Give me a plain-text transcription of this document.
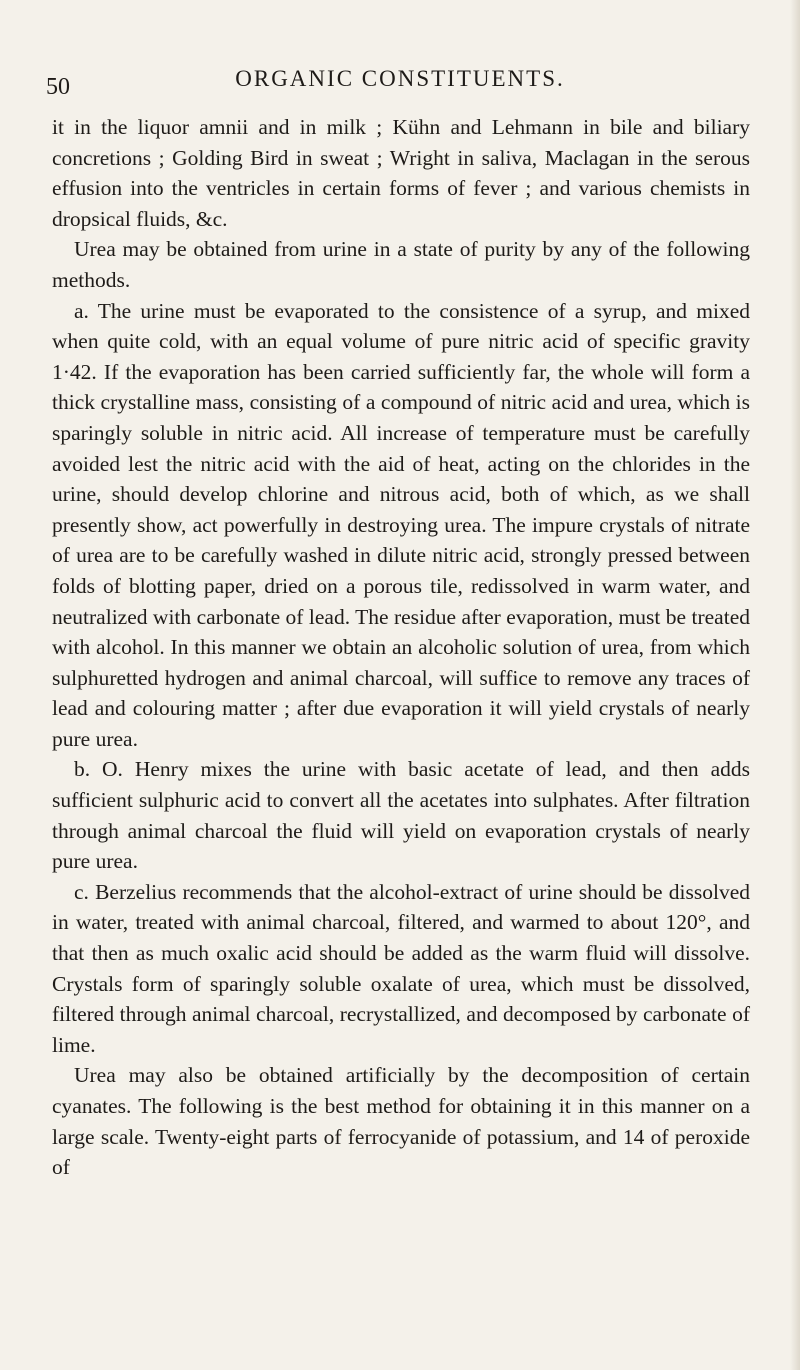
50	ORGANIC CONSTITUENTS.

it in the liquor amnii and in milk ; Kühn and Lehmann in bile and biliary concretions ; Golding Bird in sweat ; Wright in saliva, Maclagan in the serous effusion into the ventricles in certain forms of fever ; and various chemists in dropsical fluids, &c.

Urea may be obtained from urine in a state of purity by any of the following methods.

a. The urine must be evaporated to the consistence of a syrup, and mixed when quite cold, with an equal volume of pure nitric acid of specific gravity 1·42. If the evaporation has been carried sufficiently far, the whole will form a thick crystalline mass, consisting of a compound of nitric acid and urea, which is sparingly soluble in nitric acid. All increase of temperature must be carefully avoided lest the nitric acid with the aid of heat, acting on the chlorides in the urine, should develop chlorine and nitrous acid, both of which, as we shall presently show, act powerfully in destroying urea. The impure crystals of nitrate of urea are to be carefully washed in dilute nitric acid, strongly pressed between folds of blotting paper, dried on a porous tile, redissolved in warm water, and neutralized with carbonate of lead. The residue after evaporation, must be treated with alcohol. In this manner we obtain an alcoholic solution of urea, from which sulphuretted hydrogen and animal charcoal, will suffice to remove any traces of lead and colouring matter ; after due evaporation it will yield crystals of nearly pure urea.

b. O. Henry mixes the urine with basic acetate of lead, and then adds sufficient sulphuric acid to convert all the acetates into sulphates. After filtration through animal charcoal the fluid will yield on evaporation crystals of nearly pure urea.

c. Berzelius recommends that the alcohol-extract of urine should be dissolved in water, treated with animal charcoal, filtered, and warmed to about 120°, and that then as much oxalic acid should be added as the warm fluid will dissolve. Crystals form of sparingly soluble oxalate of urea, which must be dissolved, filtered through animal charcoal, recrystallized, and decomposed by carbonate of lime.

Urea may also be obtained artificially by the decomposition of certain cyanates. The following is the best method for obtaining it in this manner on a large scale. Twenty-eight parts of ferrocyanide of potassium, and 14 of peroxide of
